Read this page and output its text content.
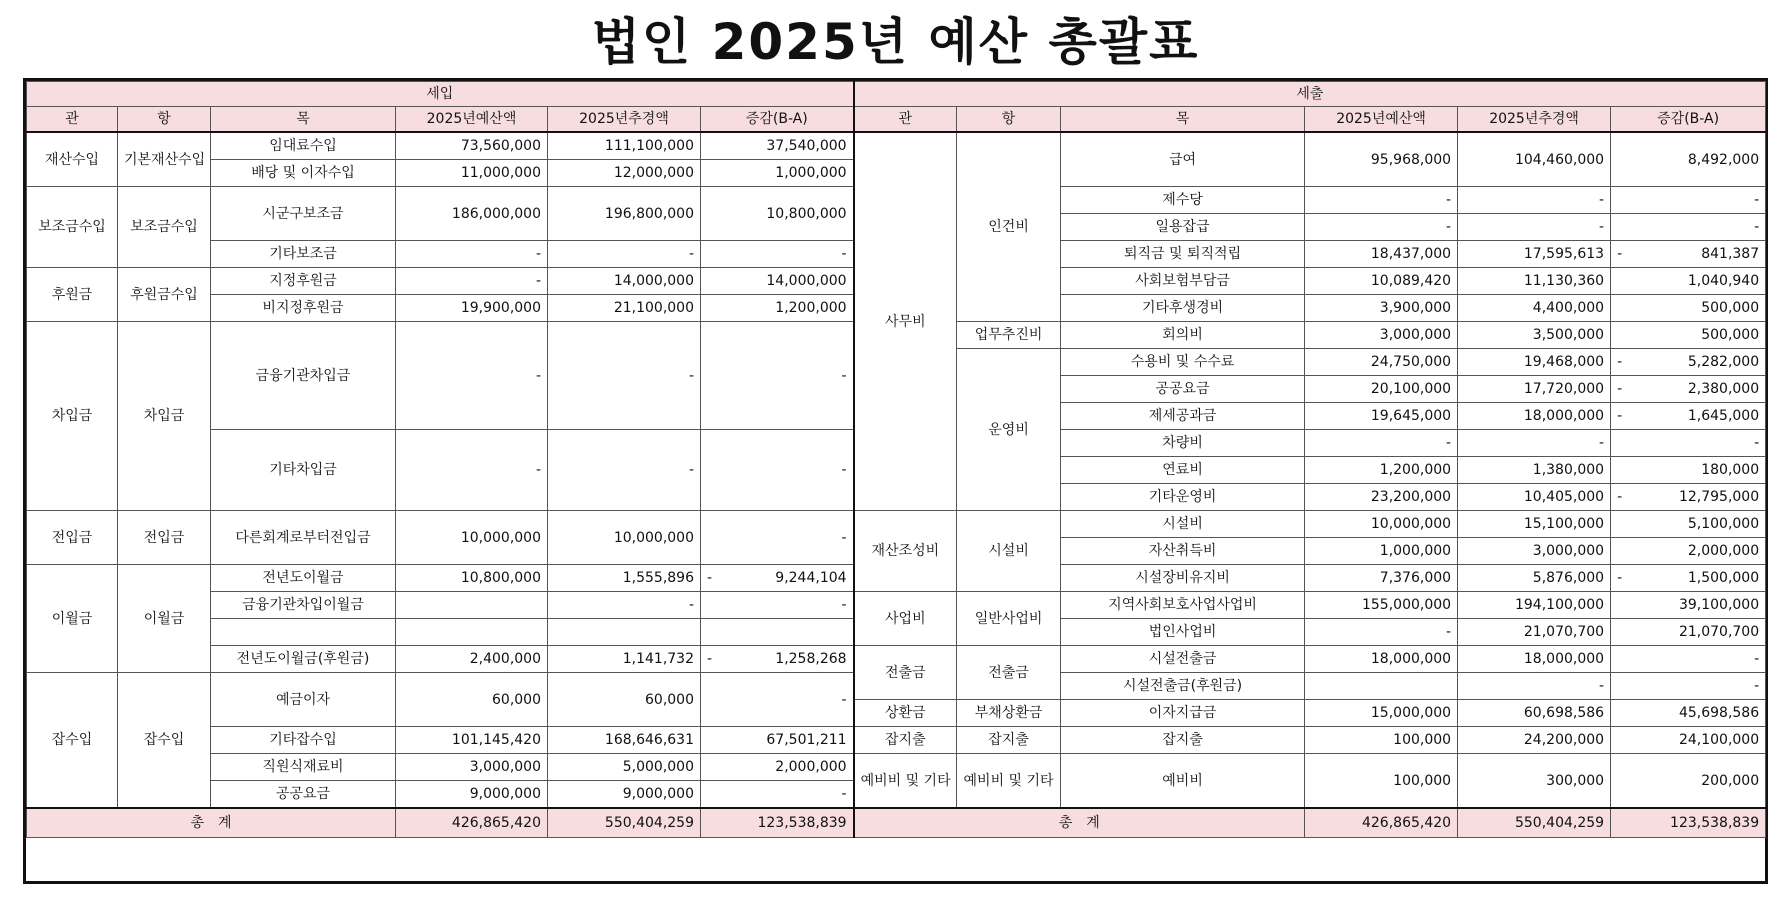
법인 2025년 예산 총괄표
세입						세출					
관	항	목	2025년예산액	2025년추경액	증감(B-A)	관	항	목	2025년예산액	2025년추경액	증감(B-A)
재산수입	기본재산수입	임대료수입	73,560,000	111,100,000	37,540,000	사무비	인건비	급여	95,968,000	104,460,000	8,492,000
		배당 및 이자수입	11,000,000	12,000,000	1,000,000						
보조금수입	보조금수입	시군구보조금	186,000,000	196,800,000	10,800,000			제수당	-	-	-
								일용잡급	-	-	-
		기타보조금	-	-	-			퇴직금 및 퇴직적립	18,437,000	17,595,613	- 841,387

후원금	후원금수입	지정후원금	-	14,000,000	14,000,000			사회보험부담금	10,089,420	11,130,360	1,040,940
		비지정후원금	19,900,000	21,100,000	1,200,000			기타후생경비	3,900,000	4,400,000	500,000
차입금	차입금	금융기관차입금	-	-	-		업무추진비	회의비	3,000,000	3,500,000	500,000
							운영비	수용비 및 수수료	24,750,000	19,468,000	- 5,282,000

								공공요금	20,100,000	17,720,000	- 2,380,000

								제세공과금	19,645,000	18,000,000	- 1,645,000

		기타차입금	-	-	-			차량비	-	-	-
								연료비	1,200,000	1,380,000	180,000
								기타운영비	23,200,000	10,405,000	- 12,795,000

전입금	전입금	다른회계로부터전입금	10,000,000	10,000,000	-	재산조성비	시설비	시설비	10,000,000	15,100,000	5,100,000
								자산취득비	1,000,000	3,000,000	2,000,000
이월금	이월금	전년도이월금	10,800,000	1,555,896	- 9,244,104			시설장비유지비	7,376,000	5,876,000	- 1,500,000

		금융기관차입이월금		-	-	사업비	일반사업비	지역사회보호사업사업비	155,000,000	194,100,000	39,100,000
								법인사업비	-	21,070,700	21,070,700
		전년도이월금(후원금)	2,400,000	1,141,732	- 1,258,268	전출금	전출금	시설전출금	18,000,000	18,000,000	-
잡수입	잡수입	예금이자	60,000	60,000	-			시설전출금(후원금)		-	-
						상환금	부채상환금	이자지급금	15,000,000	60,698,586	45,698,586
		기타잡수입	101,145,420	168,646,631	67,501,211	잡지출	잡지출	잡지출	100,000	24,200,000	24,100,000
						예비비 및 기타	예비비 및 기타	예비비	100,000	300,000	200,000
		직원식재료비	3,000,000	5,000,000	2,000,000						
		공공요금	9,000,000	9,000,000	-						
총　계			426,865,420	550,404,259	123,538,839	총　계			426,865,420	550,404,259	123,538,839
